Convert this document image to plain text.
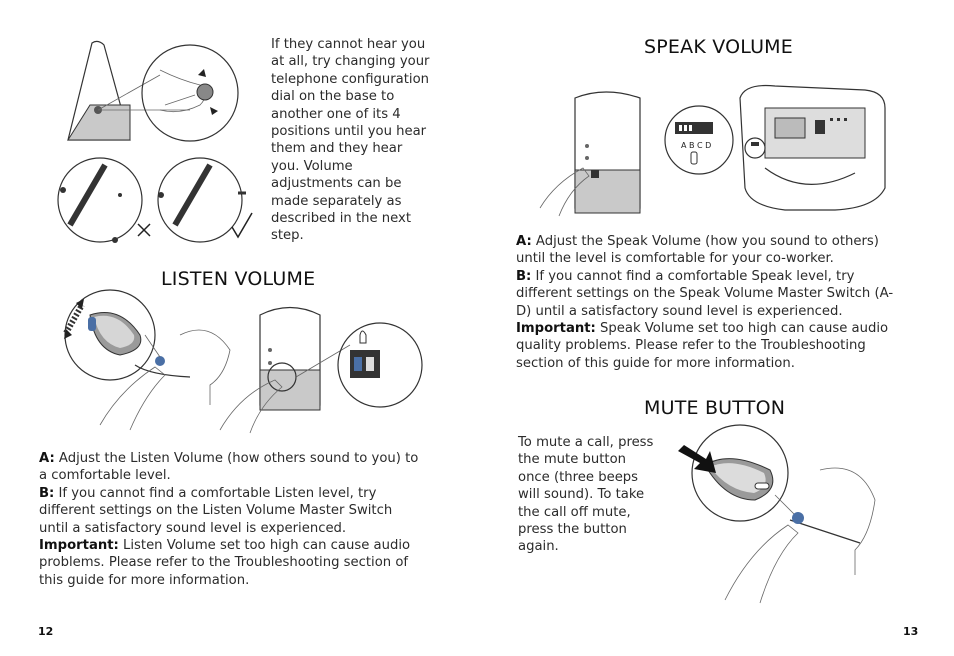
If they cannot hear you at all, try changing your telephone configuration dial on the base to another one of its 4 positions until you hear them and they hear you. Volume adjustments can be made separately as described in the next step.
LISTEN VOLUME
A: Adjust the Listen Volume (how others sound to you) to a comfortable level.
B: If you cannot find a comfortable Listen level, try different settings on the Listen Volume Master Switch until a satisfactory sound level is experienced.
Important: Listen Volume set too high can cause audio problems. Please refer to the Troubleshooting section of this guide for more information.
12
SPEAK VOLUME
A B C D
A: Adjust the Speak Volume (how you sound to others) until the level is comfortable for your co-worker.
B: If you cannot find a comfortable Speak level, try different settings on the Speak Volume Master Switch (A-D) until a satisfactory sound level is experienced.
Important: Speak Volume set too high can cause audio quality problems. Please refer to the Troubleshooting section of this guide for more information.
MUTE BUTTON
To mute a call, press the mute button once (three beeps will sound). To take the call off mute, press the button again.
13
